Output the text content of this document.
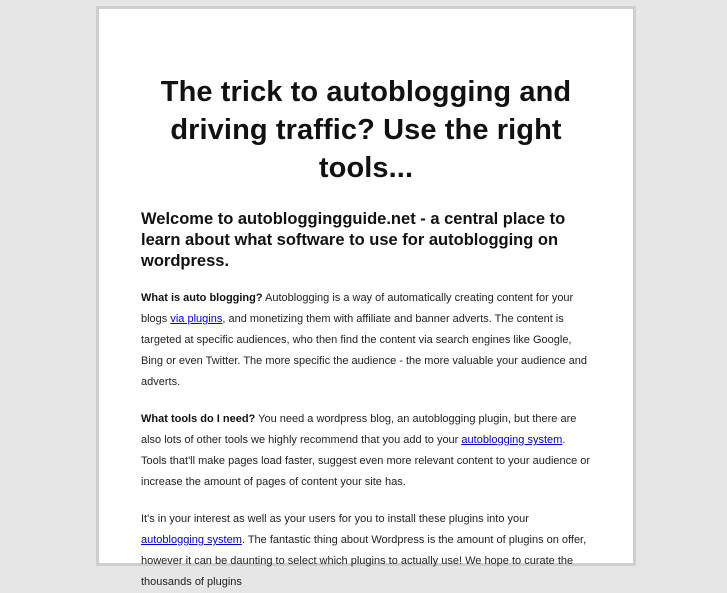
The trick to autoblogging and driving traffic? Use the right tools...
Welcome to autobloggingguide.net - a central place to learn about what software to use for autoblogging on wordpress.

What is auto blogging? Autoblogging is a way of automatically creating content for your blogs via plugins, and monetizing them with affiliate and banner adverts. The content is targeted at specific audiences, who then find the content via search engines like Google, Bing or even Twitter. The more specific the audience - the more valuable your audience and adverts.

What tools do I need? You need a wordpress blog, an autoblogging plugin, but there are also lots of other tools we highly recommend that you add to your autoblogging system. Tools that'll make pages load faster, suggest even more relevant content to your audience or increase the amount of pages of content your site has.

It's in your interest as well as your users for you to install these plugins into your autoblogging system. The fantastic thing about Wordpress is the amount of plugins on offer, however it can be daunting to select which plugins to actually use! We hope to curate the thousands of plugins
